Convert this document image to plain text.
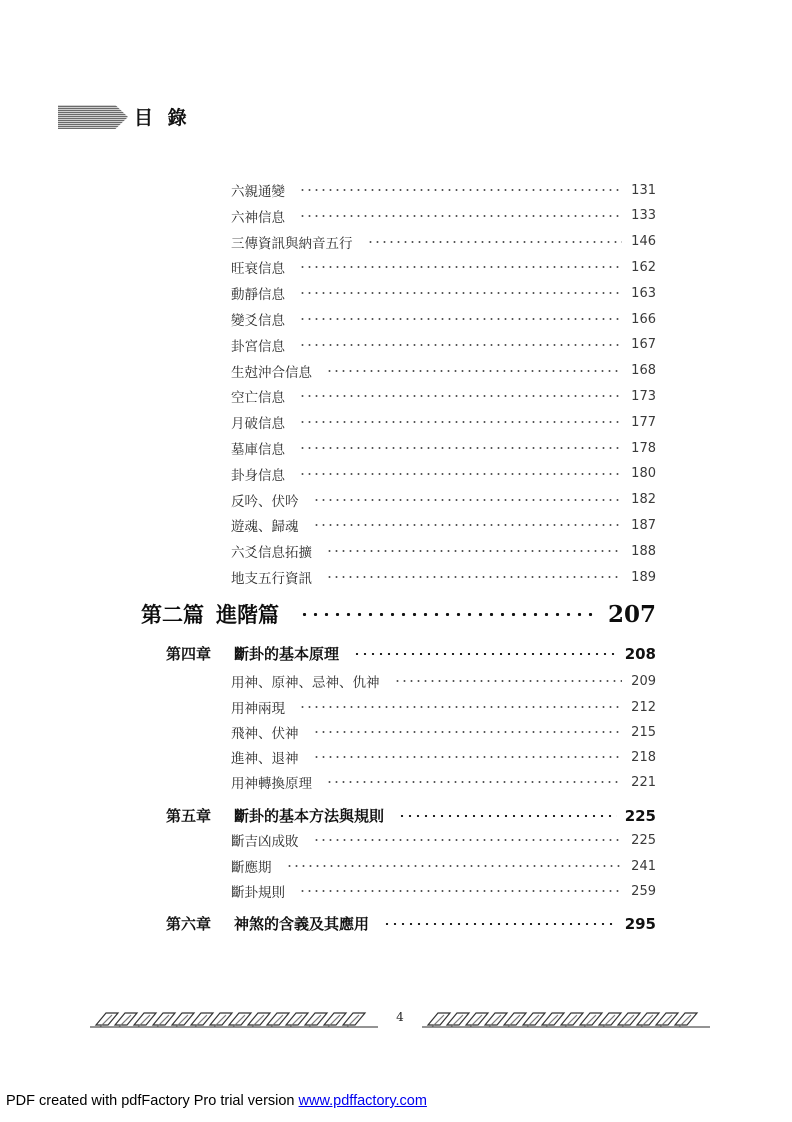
目 錄
六親通變	131
六神信息	133
三傳資訊與納音五行	146
旺衰信息	162
動靜信息	163
變爻信息	166
卦宮信息	167
生尅沖合信息	168
空亡信息	173
月破信息	177
墓庫信息	178
卦身信息	180
反吟、伏吟	182
遊魂、歸魂	187
六爻信息拓擴	188
地支五行資訊	189
第二篇 進階篇	207
第四章	斷卦的基本原理	208
用神、原神、忌神、仇神	209
用神兩現	212
飛神、伏神	215
進神、退神	218
用神轉換原理	221
第五章	斷卦的基本方法與規則	225
斷吉凶成敗	225
斷應期	241
斷卦規則	259
第六章	神煞的含義及其應用	295
4
PDF created with pdfFactory Pro trial version www.pdffactory.com
